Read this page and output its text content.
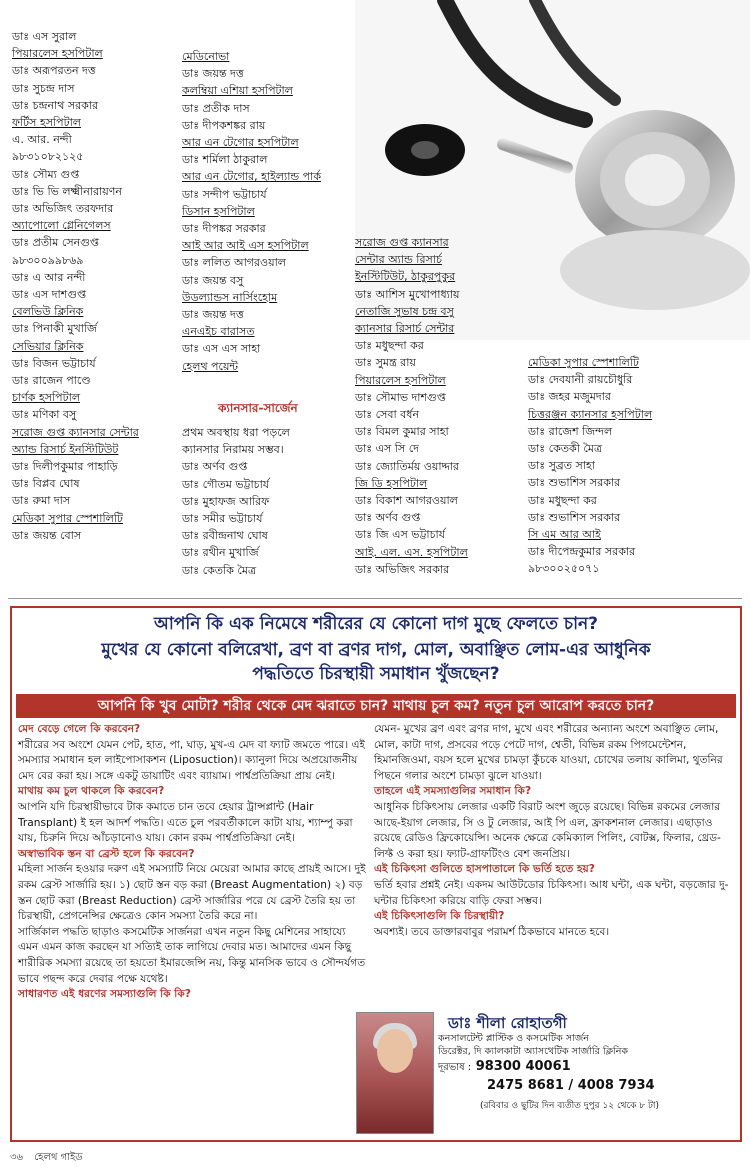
ডাঃ এস সুরাল
পিয়ারলেস হসপিটাল
ডাঃ অরূপরতন দত্ত
ডাঃ সুচন্দ্র দাস
ডাঃ চন্দ্রনাথ সরকার
ফর্টিস হসপিটাল
এ. আর. নন্দী
৯৮৩১০৮২১২৫
ডাঃ সৌম্য গুপ্ত
ডাঃ ভি ভি লক্ষ্মীনারায়ণন
ডাঃ অভিজিৎ তরফদার
অ্যাপোলো গ্লেনিগেলস
ডাঃ প্রতীম সেনগুপ্ত
৯৮৩০০৯৯৮৬৯
ডাঃ এ আর নন্দী
ডাঃ এস দাশগুপ্ত
বেলভিউ ক্লিনিক
ডাঃ পিনাকী মুখার্জি
সেভিয়ার ক্লিনিক
ডাঃ বিজন ভট্টাচার্য
ডাঃ রাজেন পাণ্ডে
চার্ণক হসপিটাল
ডাঃ মণিকা বসু
সরোজ গুপ্ত ক্যানসার সেন্টার
অ্যান্ড রিসার্চ ইনস্টিটিউট
ডাঃ দিলীপকুমার পাহাড়ি
ডাঃ বিপ্লব ঘোষ
ডাঃ রুমা দাস
মেডিকা সুপার স্পেশালিটি
ডাঃ জয়ন্ত বোস
মেডিনোভা
ডাঃ জয়ন্ত দত্ত
কলম্বিয়া এশিয়া হসপিটাল
ডাঃ প্রতীক দাস
ডাঃ দীপকশঙ্কর রায়
আর এন টেগোর হসপিটাল
ডাঃ শর্মিলা ঠাকুরাল
আর এন টেগোর, হাইল্যান্ড পার্ক
ডাঃ সন্দীপ ভট্টাচার্য
ডিসান হসপিটাল
ডাঃ দীপঙ্কর সরকার
আই আর আই এস হসপিটাল
ডাঃ ললিত আগরওয়াল
ডাঃ জয়ন্ত বসু
উডল্যান্ডস নার্সিংহোম
ডাঃ জয়ন্ত দত্ত
এনএইচ বারাসত
ডাঃ এস এস সাহা
হেলথ পয়েন্ট
ক্যানসার-সার্জেন
প্রথম অবস্থায় ধরা পড়লে
ক্যানসার নিরাময় সম্ভব।
ডাঃ অর্ণব গুপ্ত
ডাঃ গৌতম ভট্টাচার্য
ডাঃ মুহাফজ আরিফ
ডাঃ সমীর ভট্টাচার্য
ডাঃ রবীন্দ্রনাথ ঘোষ
ডাঃ রথীন মুখার্জি
ডাঃ কেতকি মৈত্র
সরোজ গুপ্ত ক্যানসার
সেন্টার অ্যান্ড রিসার্চ
ইনস্টিটিউট, ঠাকুরপুকুর
ডাঃ আশিস মুখোপাধ্যায়
নেতাজি সুভাষ চন্দ্র বসু
ক্যানসার রিসার্চ সেন্টার
ডাঃ মধুছন্দা কর
ডাঃ সুমন্ত্র রায়
পিয়ারলেস হসপিটাল
ডাঃ সৌমাভ দাশগুপ্ত
ডাঃ সেবা বর্ধন
ডাঃ বিমল কুমার সাহা
ডাঃ এস সি দে
ডাঃ জ্যোতির্ময় ওয়াদ্দার
জি ডি হসপিটাল
ডাঃ বিকাশ আগরওয়াল
ডাঃ অর্ণব গুপ্ত
ডাঃ জি এস ভট্টাচার্য
আই. এল. এস. হসপিটাল
ডাঃ অভিজিৎ সরকার
মেডিকা সুপার স্পেশালিটি
ডাঃ দেবযানী রায়চৌধুরি
ডাঃ জহর মজুমদার
চিত্তরঞ্জন ক্যানসার হসপিটাল
ডাঃ রাজেশ জিন্দল
ডাঃ কেতকী মৈত্র
ডাঃ সুব্রত সাহা
ডাঃ শুভাশিস সরকার
ডাঃ মধুছন্দা কর
ডাঃ শুভাশিস সরকার
সি এম আর আই
ডাঃ দীপেন্দ্রকুমার সরকার
৯৮৩০০২৫০৭১
আপনি কি এক নিমেষে শরীরের যে কোনো দাগ মুছে ফেলতে চান?
মুখের যে কোনো বলিরেখা, ব্রণ বা ব্রণর দাগ, মোল, অবাঞ্ছিত লোম-এর আধুনিক
পদ্ধতিতে চিরস্থায়ী সমাধান খুঁজছেন?
আপনি কি খুব মোটা? শরীর থেকে মেদ ঝরাতে চান? মাথায় চুল কম? নতুন চুল আরোপ করতে চান?

মেদ বেড়ে গেলে কি করবেন?

শরীরের সব অংশে যেমন পেট, হাত, পা, ঘাড়, মুখ-এ মেদ বা ফ্যাট জমতে পারে। এই সমস্যার সমাধান হল লাইপোসাকশন (Liposuction)। ক্যানুলা দিয়ে অপ্রয়োজনীয় মেদ বের করা হয়। সঙ্গে একটু ডায়াটিং এবং ব্যায়াম। পার্শ্বপ্রতিক্রিয়া প্রায় নেই।

মাথায় কম চুল থাকলে কি করবেন?

আপনি যদি চিরস্থায়ীভাবে টাক কমাতে চান তবে হেয়ার ট্রান্সপ্লান্ট (Hair Transplant) ই হল আদর্শ পদ্ধতি। এতে চুল পরবর্তীকালে কাটা যায়, শ্যাম্পু করা যায়, চিরুনি দিয়ে আঁচড়ানোও যায়। কোন রকম পার্শ্বপ্রতিক্রিয়া নেই।

অস্বাভাবিক স্তন বা ব্রেস্ট হলে কি করবেন?

মহিলা সার্জন হওয়ার দরুণ এই সমস্যাটি নিয়ে মেয়েরা আমার কাছে প্রায়ই আসে। দুই রকম ব্রেস্ট সার্জারি হয়। ১) ছোট স্তন বড় করা (Breast Augmentation) ২) বড় স্তন ছোট করা (Breast Reduction) ব্রেস্ট সার্জারির পরে যে ব্রেস্ট তৈরি হয় তা চিরস্থায়ী, প্রেগনেন্সির ক্ষেত্রেও কোন সমস্যা তৈরি করে না।

সার্জিকাল পদ্ধতি ছাড়াও কসমেটিক সার্জনরা এখন নতুন কিছু মেশিনের সাহায্যে এমন এমন কাজ করছেন যা সত্যিই তাক লাগিয়ে দেবার মত। আমাদের এমন কিছু শারীরিক সমস্যা রয়েছে তা হয়তো ইমারজেন্সি নয়, কিন্তু মানসিক ভাবে ও সৌন্দর্যগত ভাবে পছন্দ করে দেবার পক্ষে যথেষ্ট।

সাধারণত এই ধরণের সমস্যাগুলি কি কি?

যেমন- মুখের ব্রণ এবং ব্রণর দাগ, মুখে এবং শরীরের অন্যান্য অংশে অবাঞ্ছিত লোম, মোল, কাটা দাগ, প্রসবের পড়ে পেটে দাগ, শ্বেতী, বিভিন্ন রকম পিগমেন্টেশন, হিমানজিওমা, বয়স হলে মুখের চামড়া কুঁচকে যাওয়া, চোখের তলায় কালিমা, থুতনির পিছনে গলার অংশে চামড়া ঝুলে যাওয়া।

তাহলে এই সমস্যাগুলির সমাধান কি?

আধুনিক চিকিৎসায় লেজার একটি বিরাট অংশ জুড়ে রয়েছে। বিভিন্ন রকমের লেজার আছে-ইয়াগ লেজার, সি ও টু লেজার, আই পি এল, ফ্রাকশনাল লেজার। এছাড়াও রয়েছে রেডিও ফ্রিকোয়েন্সি। অনেক ক্ষেত্রে কেমিক্যাল পিলিং, বোটক্স, ফিলার, থ্রেড-লিফ্ট ও করা হয়। ফ্যাট-গ্রাফটিংও বেশ জনপ্রিয়।

এই চিকিৎসা গুলিতে হাসপাতালে কি ভর্তি হতে হয়?

ভর্তি হবার প্রশ্নই নেই। একদম আউটডোর চিকিৎসা। আধ ঘন্টা, এক ঘন্টা, বড়জোর দু-ঘন্টার চিকিৎসা করিয়ে বাড়ি ফেরা সম্ভব।

এই চিকিৎসাগুলি কি চিরস্থায়ী?

অবশ্যই। তবে ডাক্তারবাবুর পরামর্শ ঠিকভাবে মানতে হবে।

ডাঃ শীলা রোহাতগী
কনসালটেন্ট প্লাস্টিক ও কসমেটিক সার্জন
ডিরেক্টর, দি ক্যালকাটা অ্যাসথেটিক সার্জারি ক্লিনিক
দূরভাষ : 98300 40061
2475 8681 / 4008 7934
(রবিবার ও ছুটির দিন ব্যতীত দুপুর ১২ থেকে ৮ টা)
৩৬ হেলথ গাইড
